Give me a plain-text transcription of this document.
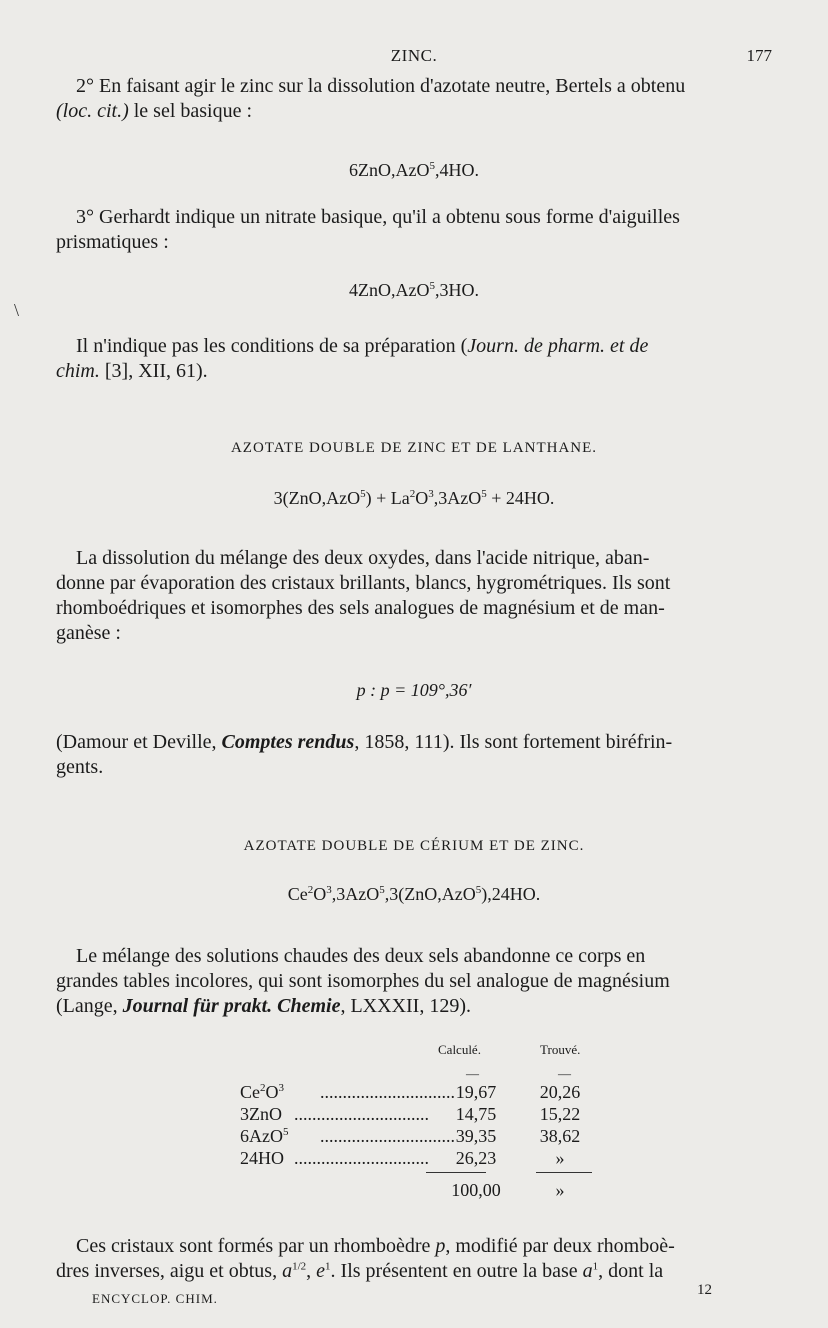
ZINC.	177
2° En faisant agir le zinc sur la dissolution d'azotate neutre, Bertels a obtenu
(loc. cit.) le sel basique :
6ZnO,AzO$^5$,4HO.
3° Gerhardt indique un nitrate basique, qu'il a obtenu sous forme d'aiguilles
prismatiques :
4ZnO,AzO$^5$,3HO.
\
Il n'indique pas les conditions de sa préparation (Journ. de pharm. et de
chim. [3], XII, 61).
AZOTATE DOUBLE DE ZINC ET DE LANTHANE.
$3(ZnO,AzO^5) + La^2O^3,3AzO^5 + 24HO$.
La dissolution du mélange des deux oxydes, dans l'acide nitrique, aban-
donne par évaporation des cristaux brillants, blancs, hygrométriques. Ils sont
rhomboédriques et isomorphes des sels analogues de magnésium et de man-
ganèse :
p : p = 109°,36′
(Damour et Deville, Comptes rendus, 1858, 111). Ils sont fortement biréfrin-
gents.
AZOTATE DOUBLE DE CÉRIUM ET DE ZINC.
$Ce^2O^3,3AzO^5,3(ZnO,AzO^5),24HO$.
Le mélange des solutions chaudes des deux sels abandonne ce corps en
grandes tables incolores, qui sont isomorphes du sel analogue de magnésium
(Lange, Journal für prakt. Chemie, LXXXII, 129).
Calculé.	Trouvé.
—	—
$Ce^2O^3$ .............................. 19,67	20,26
3ZnO ..............................	14,75	15,22
6AzO$^5$ .............................. 39,35	38,62
24HO ..............................	26,23	»
100,00	»
Ces cristaux sont formés par un rhomboèdre p, modifié par deux rhomboè-
dres inverses, aigu et obtus, $a^{1/2}$, $e^1$. Ils présentent en outre la base $a^1$, dont la
ENCYCLOP. CHIM.
12
